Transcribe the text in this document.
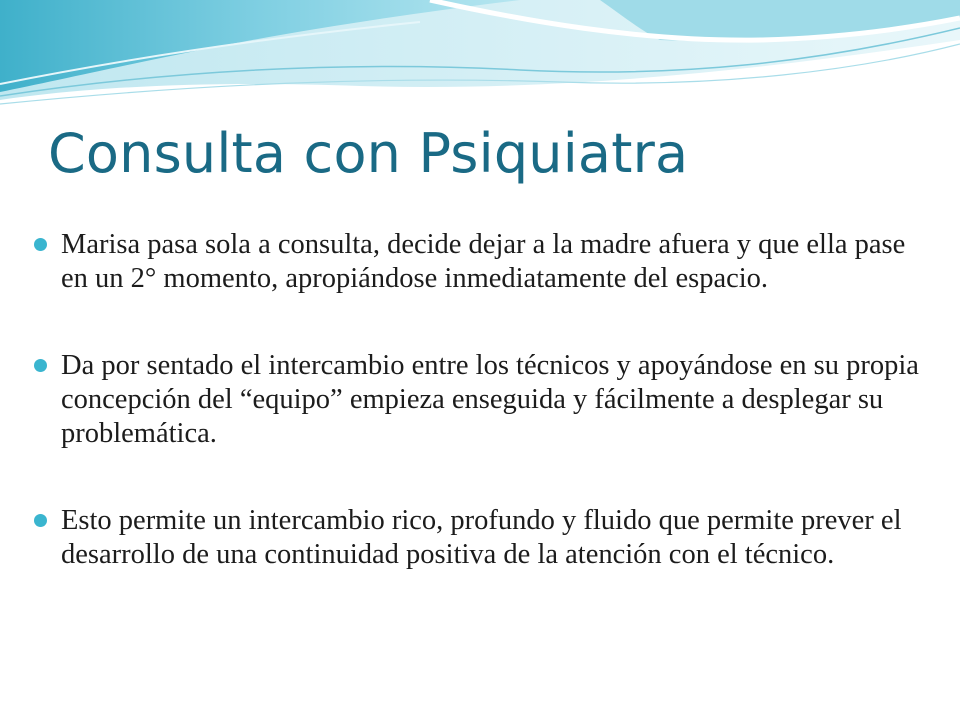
Consulta con Psiquiatra
Marisa pasa sola a consulta, decide dejar a la madre afuera y que ella pase en un 2° momento, apropiándose inmediatamente del espacio.
Da por sentado el intercambio entre los técnicos y apoyándose en su propia concepción del “equipo” empieza enseguida y fácilmente a desplegar su problemática.
Esto permite un intercambio rico, profundo y fluido que permite prever el desarrollo de una continuidad positiva de la atención con el técnico.
